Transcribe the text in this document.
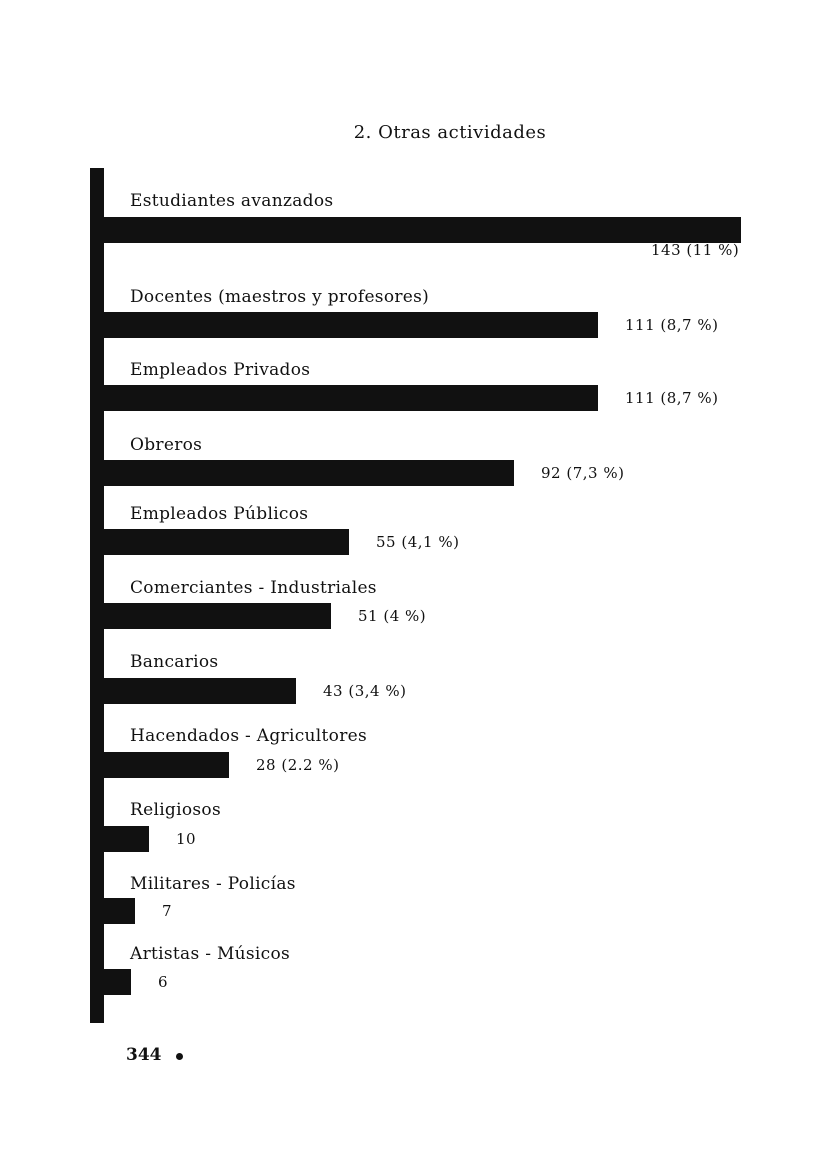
2. Otras actividades
Estudiantes avanzados
143 (11 %)
Docentes (maestros y profesores)
111 (8,7 %)
Empleados Privados
111 (8,7 %)
Obreros
92 (7,3 %)
Empleados Públicos
55 (4,1 %)
Comerciantes - Industriales
51 (4 %)
Bancarios
43 (3,4 %)
Hacendados - Agricultores
28 (2.2 %)
Religiosos
10
Militares - Policías
7
Artistas - Músicos
6
344
